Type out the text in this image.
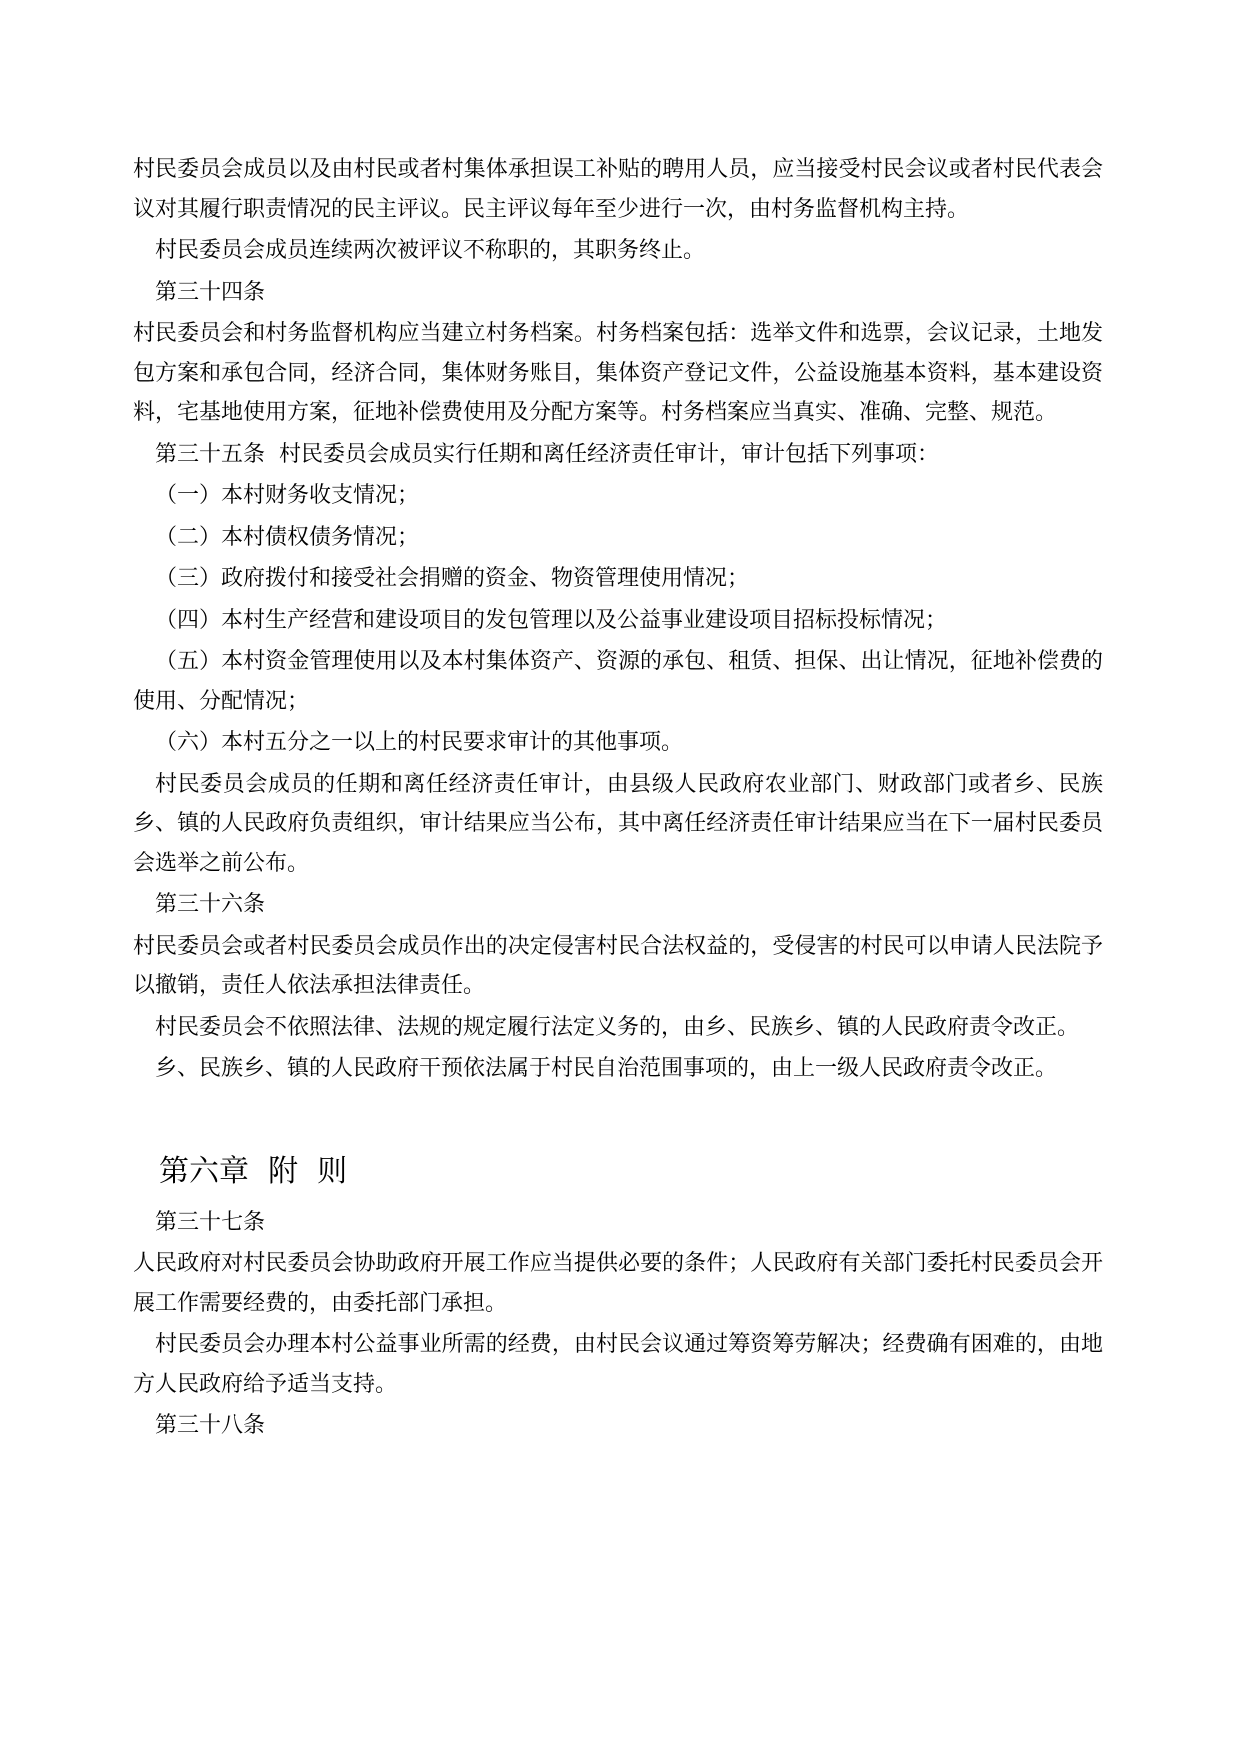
村民委员会成员以及由村民或者村集体承担误工补贴的聘用人员，应当接受村民会议或者村民代表会议对其履行职责情况的民主评议。民主评议每年至少进行一次，由村务监督机构主持。

村民委员会成员连续两次被评议不称职的，其职务终止。

第三十四条

村民委员会和村务监督机构应当建立村务档案。村务档案包括：选举文件和选票，会议记录，土地发包方案和承包合同，经济合同，集体财务账目，集体资产登记文件，公益设施基本资料，基本建设资料，宅基地使用方案，征地补偿费使用及分配方案等。村务档案应当真实、准确、完整、规范。

第三十五条  村民委员会成员实行任期和离任经济责任审计，审计包括下列事项：

（一）本村财务收支情况；

（二）本村债权债务情况；

（三）政府拨付和接受社会捐赠的资金、物资管理使用情况；

（四）本村生产经营和建设项目的发包管理以及公益事业建设项目招标投标情况；

（五）本村资金管理使用以及本村集体资产、资源的承包、租赁、担保、出让情况，征地补偿费的使用、分配情况；

（六）本村五分之一以上的村民要求审计的其他事项。

村民委员会成员的任期和离任经济责任审计，由县级人民政府农业部门、财政部门或者乡、民族乡、镇的人民政府负责组织，审计结果应当公布，其中离任经济责任审计结果应当在下一届村民委员会选举之前公布。

第三十六条

村民委员会或者村民委员会成员作出的决定侵害村民合法权益的，受侵害的村民可以申请人民法院予以撤销，责任人依法承担法律责任。

村民委员会不依照法律、法规的规定履行法定义务的，由乡、民族乡、镇的人民政府责令改正。

乡、民族乡、镇的人民政府干预依法属于村民自治范围事项的，由上一级人民政府责令改正。

第六章  附  则

第三十七条

人民政府对村民委员会协助政府开展工作应当提供必要的条件；人民政府有关部门委托村民委员会开展工作需要经费的，由委托部门承担。

村民委员会办理本村公益事业所需的经费，由村民会议通过筹资筹劳解决；经费确有困难的，由地方人民政府给予适当支持。

第三十八条
